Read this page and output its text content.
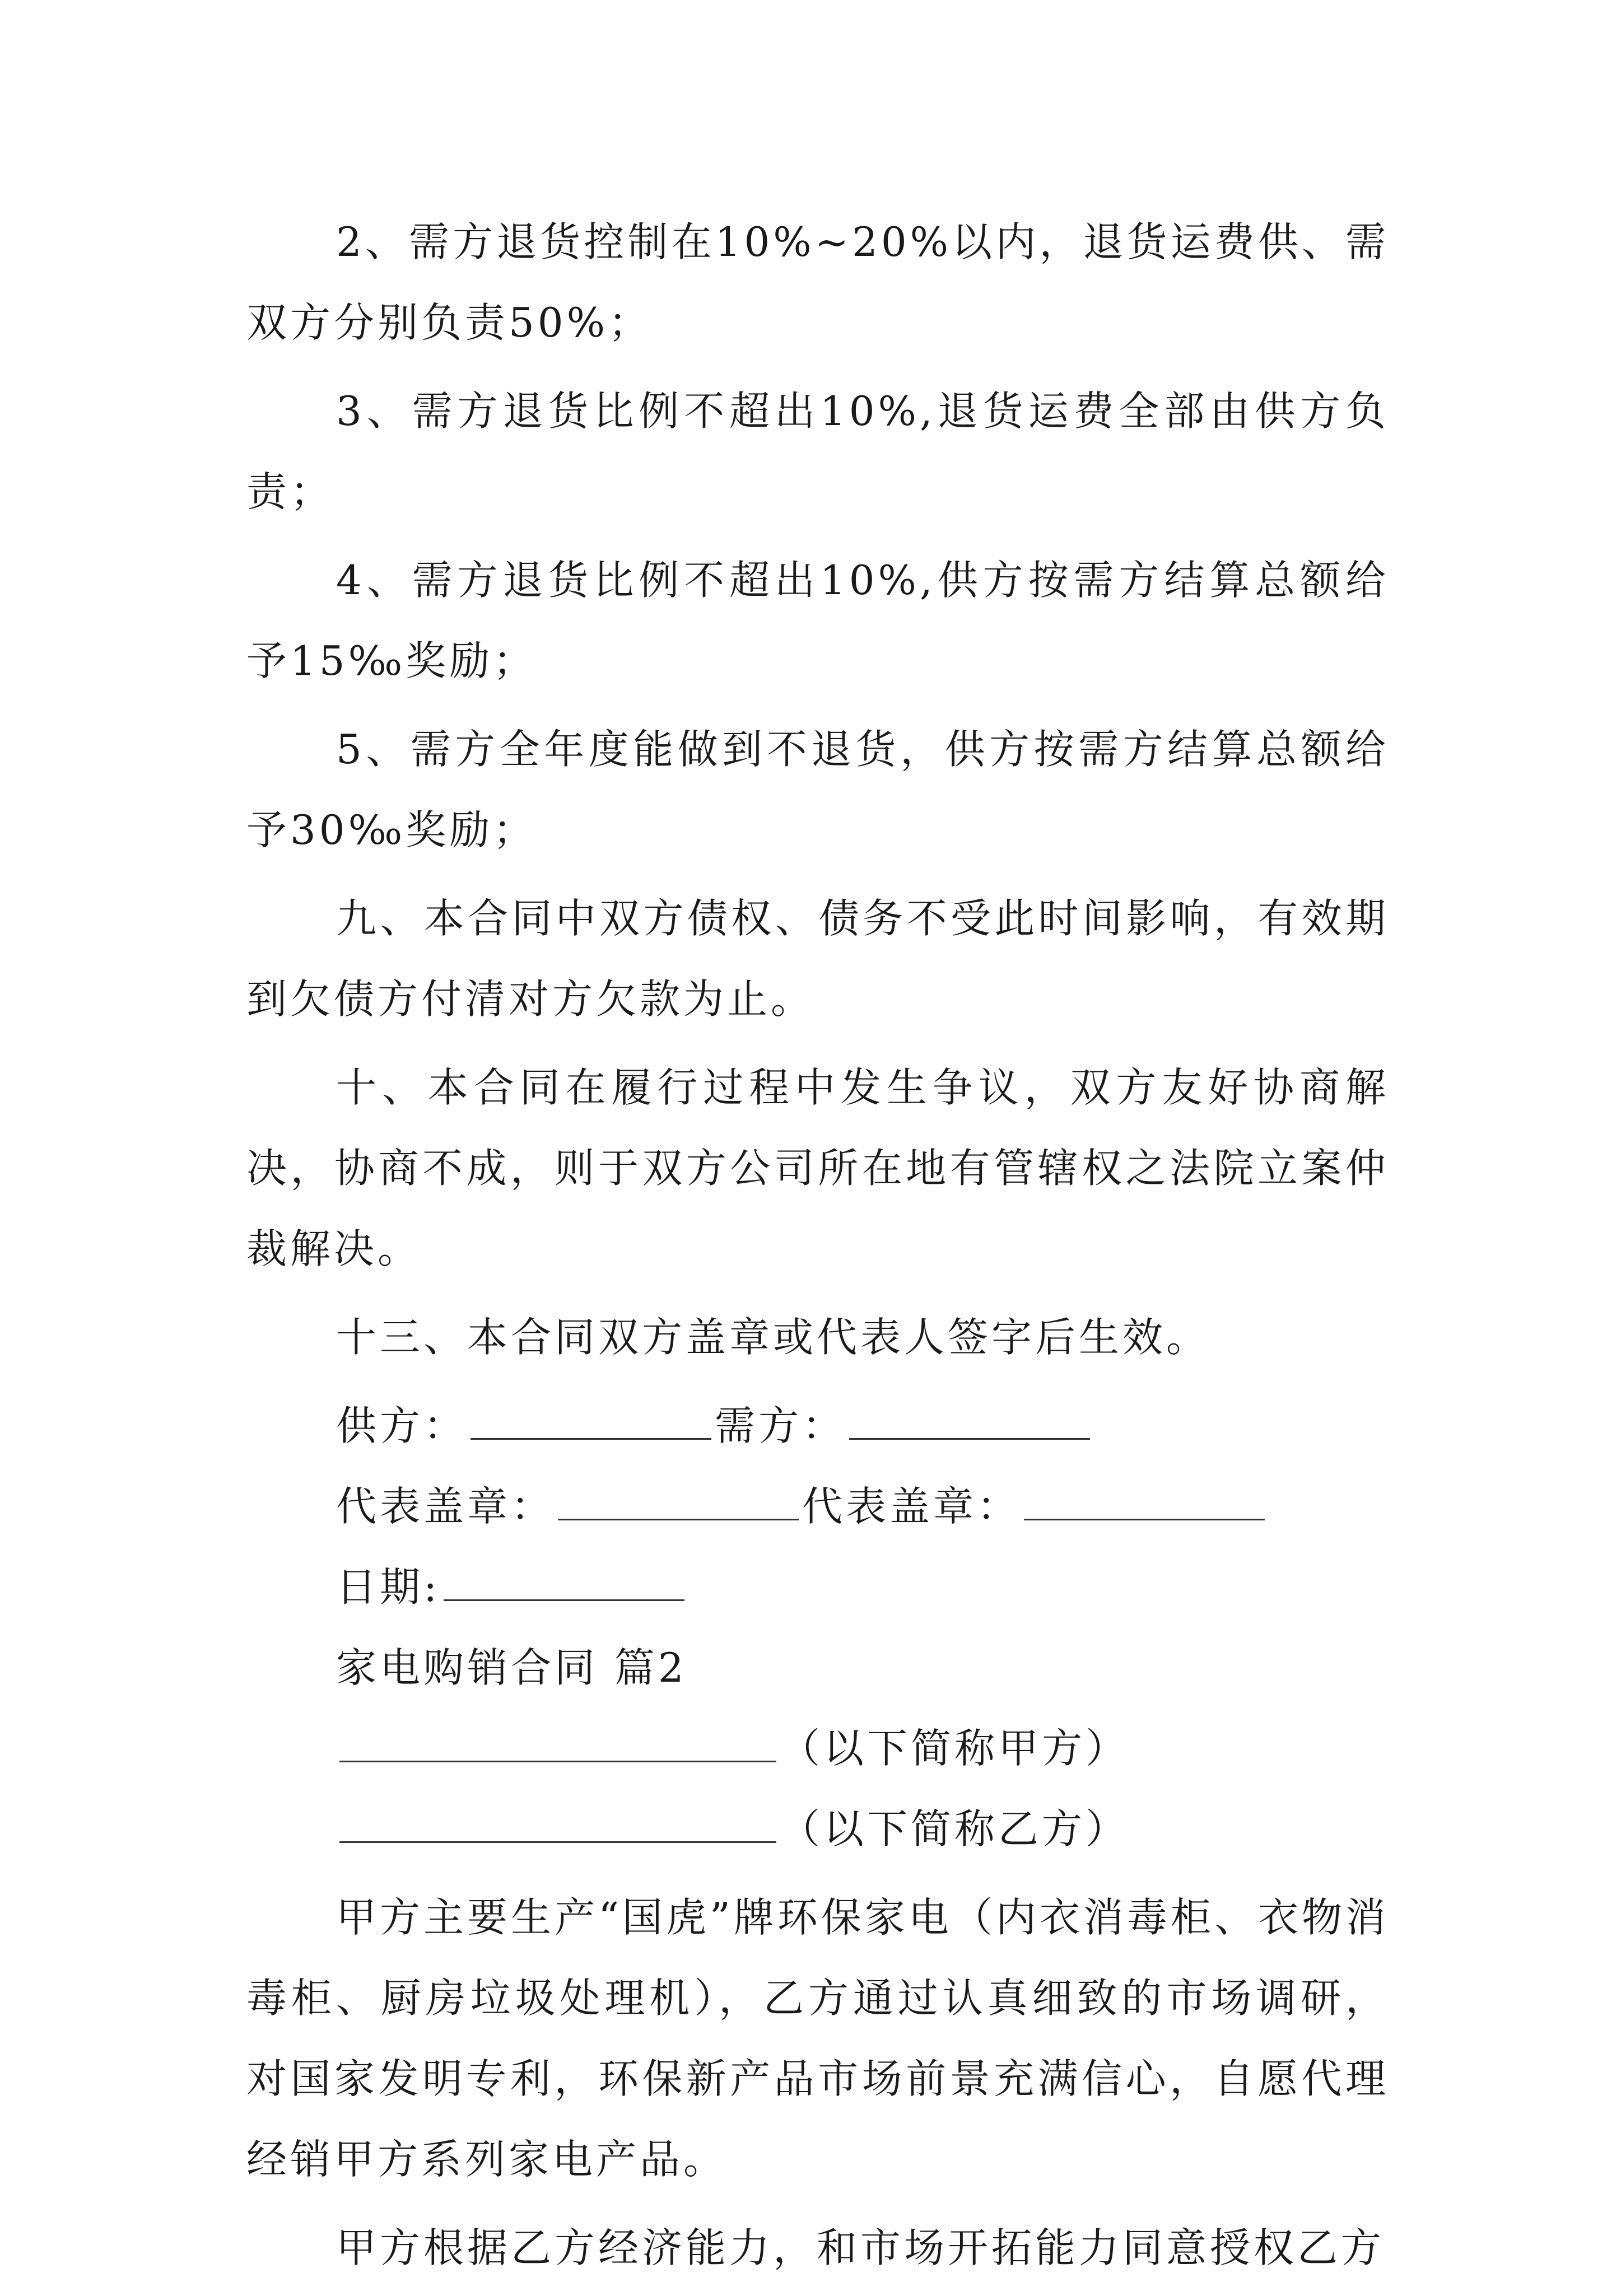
2、需方退货控制在10%~20%以内，退货运费供、需双方分别负责50%；

3、需方退货比例不超出10%,退货运费全部由供方负责；

4、需方退货比例不超出10%,供方按需方结算总额给予15‰奖励；

5、需方全年度能做到不退货，供方按需方结算总额给予30‰奖励；

九、本合同中双方债权、债务不受此时间影响，有效期到欠债方付清对方欠款为止。

十、本合同在履行过程中发生争议，双方友好协商解决，协商不成，则于双方公司所在地有管辖权之法院立案仲裁解决。

十三、本合同双方盖章或代表人签字后生效。

供方：	需方：
代表盖章：	代表盖章：
日期:
家电购销合同 篇2
（以下简称甲方）
（以下简称乙方）

甲方主要生产“国虎”牌环保家电（内衣消毒柜、衣物消毒柜、厨房垃圾处理机），乙方通过认真细致的市场调研，对国家发明专利，环保新产品市场前景充满信心，自愿代理经销甲方系列家电产品。

甲方根据乙方经济能力，和市场开拓能力同意授权乙方
